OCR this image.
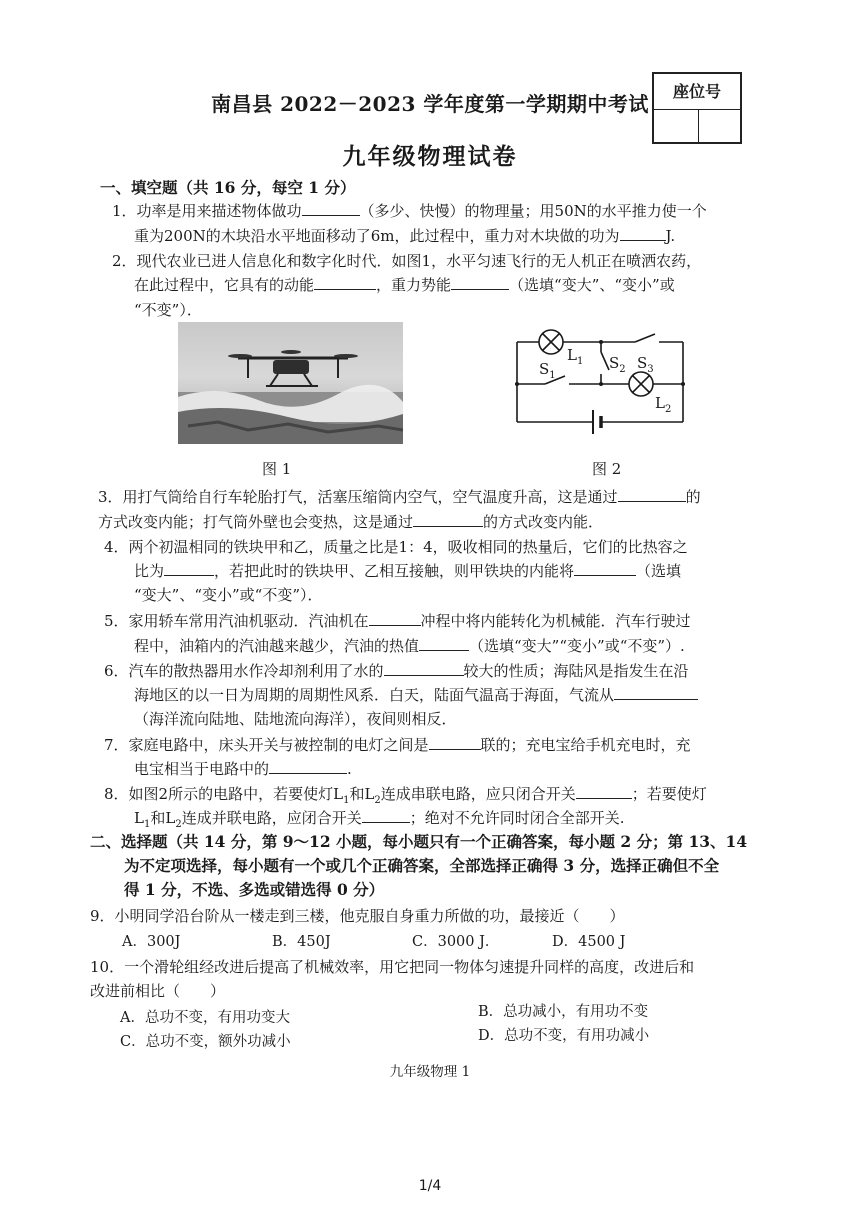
南昌县 2022－2023 学年度第一学期期中考试
座位号
九年级物理试卷
一、填空题（共 16 分，每空 1 分）
1．功率是用来描述物体做功	（多少、快慢）的物理量；用50N的水平推力使一个
重为200N的木块沿水平地面移动了6m，此过程中，重力对木块做的功为	J.
2．现代农业已进人信息化和数字化时代．如图1，水平匀速飞行的无人机正在喷洒农药，
在此过程中，它具有的动能	，重力势能	（选填“变大”、“变小”或
“不变”）．
$L_1$
$S_1$
$S_2$ $S_3$
$L_2$
图 1	图 2
3．用打气筒给自行车轮胎打气，活塞压缩筒内空气，空气温度升高，这是通过	的
方式改变内能；打气筒外壁也会变热，这是通过	的方式改变内能．
4．两个初温相同的铁块甲和乙，质量之比是1：4，吸收相同的热量后，它们的比热容之
比为	，若把此时的铁块甲、乙相互接触，则甲铁块的内能将	（选填
“变大”、“变小”或“不变”）．
5．家用轿车常用汽油机驱动．汽油机在	冲程中将内能转化为机械能．汽车行驶过
程中，油箱内的汽油越来越少，汽油的热值	（选填“变大”“变小”或“不变”）.
6．汽车的散热器用水作冷却剂利用了水的	较大的性质；海陆风是指发生在沿
海地区的以一日为周期的周期性风系．白天，陆面气温高于海面，气流从
（海洋流向陆地、陆地流向海洋），夜间则相反．
7．家庭电路中，床头开关与被控制的电灯之间是	联的；充电宝给手机充电时，充
电宝相当于电路中的	.
8．如图2所示的电路中，若要使灯$L_1$和$L_2$连成串联电路，应只闭合开关	；若要使灯
$L_1$和$L_2$连成并联电路，应闭合开关	；绝对不允许同时闭合全部开关.
二、选择题（共 14 分，第 9～12 小题，每小题只有一个正确答案，每小题 2 分；第 13、14
为不定项选择，每小题有一个或几个正确答案，全部选择正确得 3 分，选择正确但不全
得 1 分，不选、多选或错选得 0 分）
9．小明同学沿台阶从一楼走到三楼，他克服自身重力所做的功，最接近（　　）
A．300J	B．450J	C．3000 J．	D．4500 J
10．一个滑轮组经改进后提高了机械效率，用它把同一物体匀速提升同样的高度，改进后和
改进前相比（　　）
A．总功不变，有用功变大	B．总功减小，有用功不变
C．总功不变，额外功减小	D．总功不变，有用功减小
九年级物理 1
1/4
